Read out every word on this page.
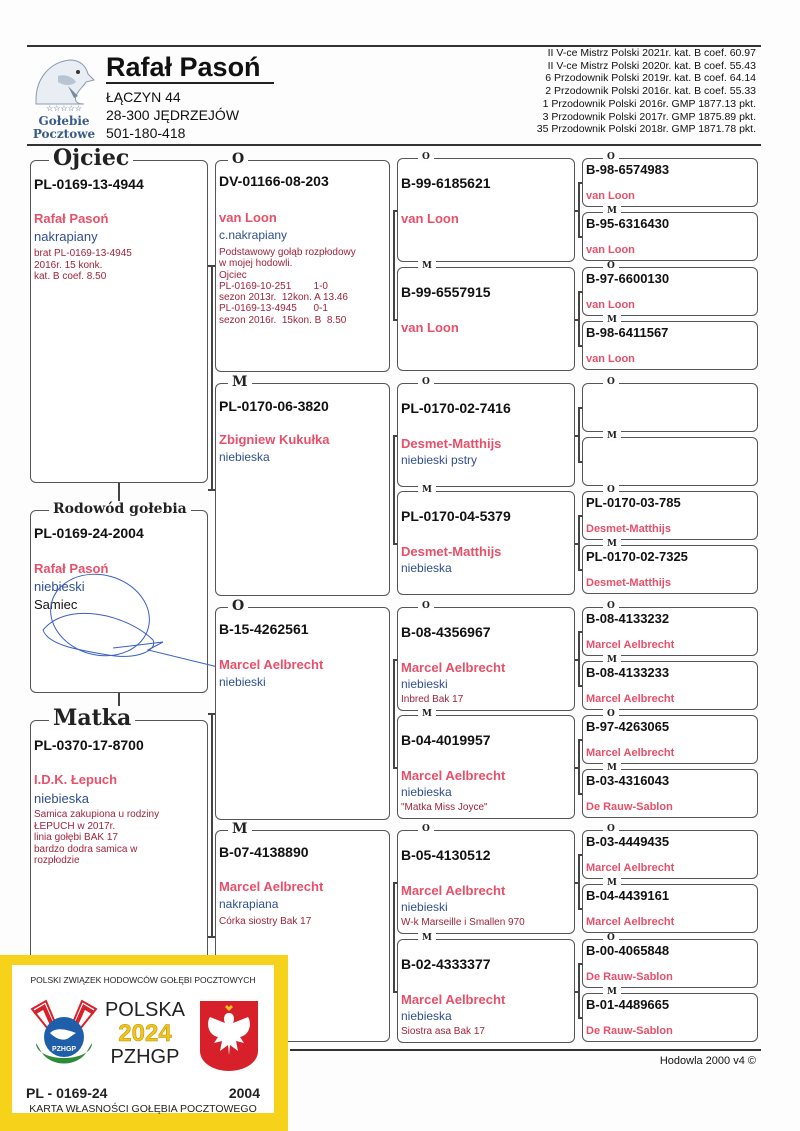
☆☆☆☆☆
Gołebie
Pocztowe
Rafał Pasoń
ŁĄCZYN 44
28-300 JĘDRZEJÓW
501-180-418
II V-ce Mistrz Polski 2021r. kat. B coef. 60.97
II V-ce Mistrz Polski 2020r. kat. B coef. 55.43
6 Przodownik Polski 2019r. kat. B coef. 64.14
2 Przodownik Polski 2016r. kat. B coef. 55.33
1 Przodownik Polski 2016r. GMP 1877.13 pkt.
3 Przodownik Polski 2017r. GMP 1875.89 pkt.
35 Przodownik Polski 2018r. GMP 1871.78 pkt.
Ojciec
PL-0169-13-4944
Rafał Pasoń
nakrapiany
brat PL-0169-13-4945
2016r. 15 konk.
kat. B coef. 8.50
Rodowód gołebia
PL-0169-24-2004
Rafał Pasoń
niebieski
Samiec
Matka
PL-0370-17-8700
I.D.K. Łepuch
niebieska
Samica zakupiona u rodziny
ŁEPUCH w 2017r.
linia gołębi BAK 17
bardzo dodra samica w
rozpłodzie
O
DV-01166-08-203
van Loon
c.nakrapiany
Podstawowy gołąb rozpłodowy
w mojej hodowli.
Ojciec
PL-0169-10-251        1-0
sezon 2013r.  12kon. A 13.46
PL-0169-13-4945      0-1
sezon 2016r.  15kon. B  8.50
M
PL-0170-06-3820
Zbigniew Kukułka
niebieska
O
B-15-4262561
Marcel Aelbrecht
niebieski
M
B-07-4138890
Marcel Aelbrecht
nakrapiana
Córka siostry Bak 17
O
B-99-6185621
van Loon
M
B-99-6557915
van Loon
O
PL-0170-02-7416
Desmet-Matthijs
niebieski pstry
M
PL-0170-04-5379
Desmet-Matthijs
niebieska
O
B-08-4356967
Marcel Aelbrecht
niebieski
Inbred Bak 17
M
B-04-4019957
Marcel Aelbrecht
niebieska
"Matka Miss Joyce"
O
B-05-4130512
Marcel Aelbrecht
niebieski
W-k Marseille i Smallen 970
M
B-02-4333377
Marcel Aelbrecht
niebieska
Siostra asa Bak 17
O
B-98-6574983
van Loon
M
B-95-6316430
van Loon
O
B-97-6600130
van Loon
M
B-98-6411567
van Loon
O
M
O
PL-0170-03-785
Desmet-Matthijs
M
PL-0170-02-7325
Desmet-Matthijs
O
B-08-4133232
Marcel Aelbrecht
M
B-08-4133233
Marcel Aelbrecht
O
B-97-4263065
Marcel Aelbrecht
M
B-03-4316043
De Rauw-Sablon
O
B-03-4449435
Marcel Aelbrecht
M
B-04-4439161
Marcel Aelbrecht
O
B-00-4065848
De Rauw-Sablon
M
B-01-4489665
De Rauw-Sablon
Hodowla 2000 v4 ©
POLSKI ZWIĄZEK HODOWCÓW GOŁĘBI POCZTOWYCH
PZHGP
POLSKA
2024
PZHGP
PL - 0169-24	2004
KARTA WŁASNOŚCI GOŁĘBIA POCZTOWEGO
